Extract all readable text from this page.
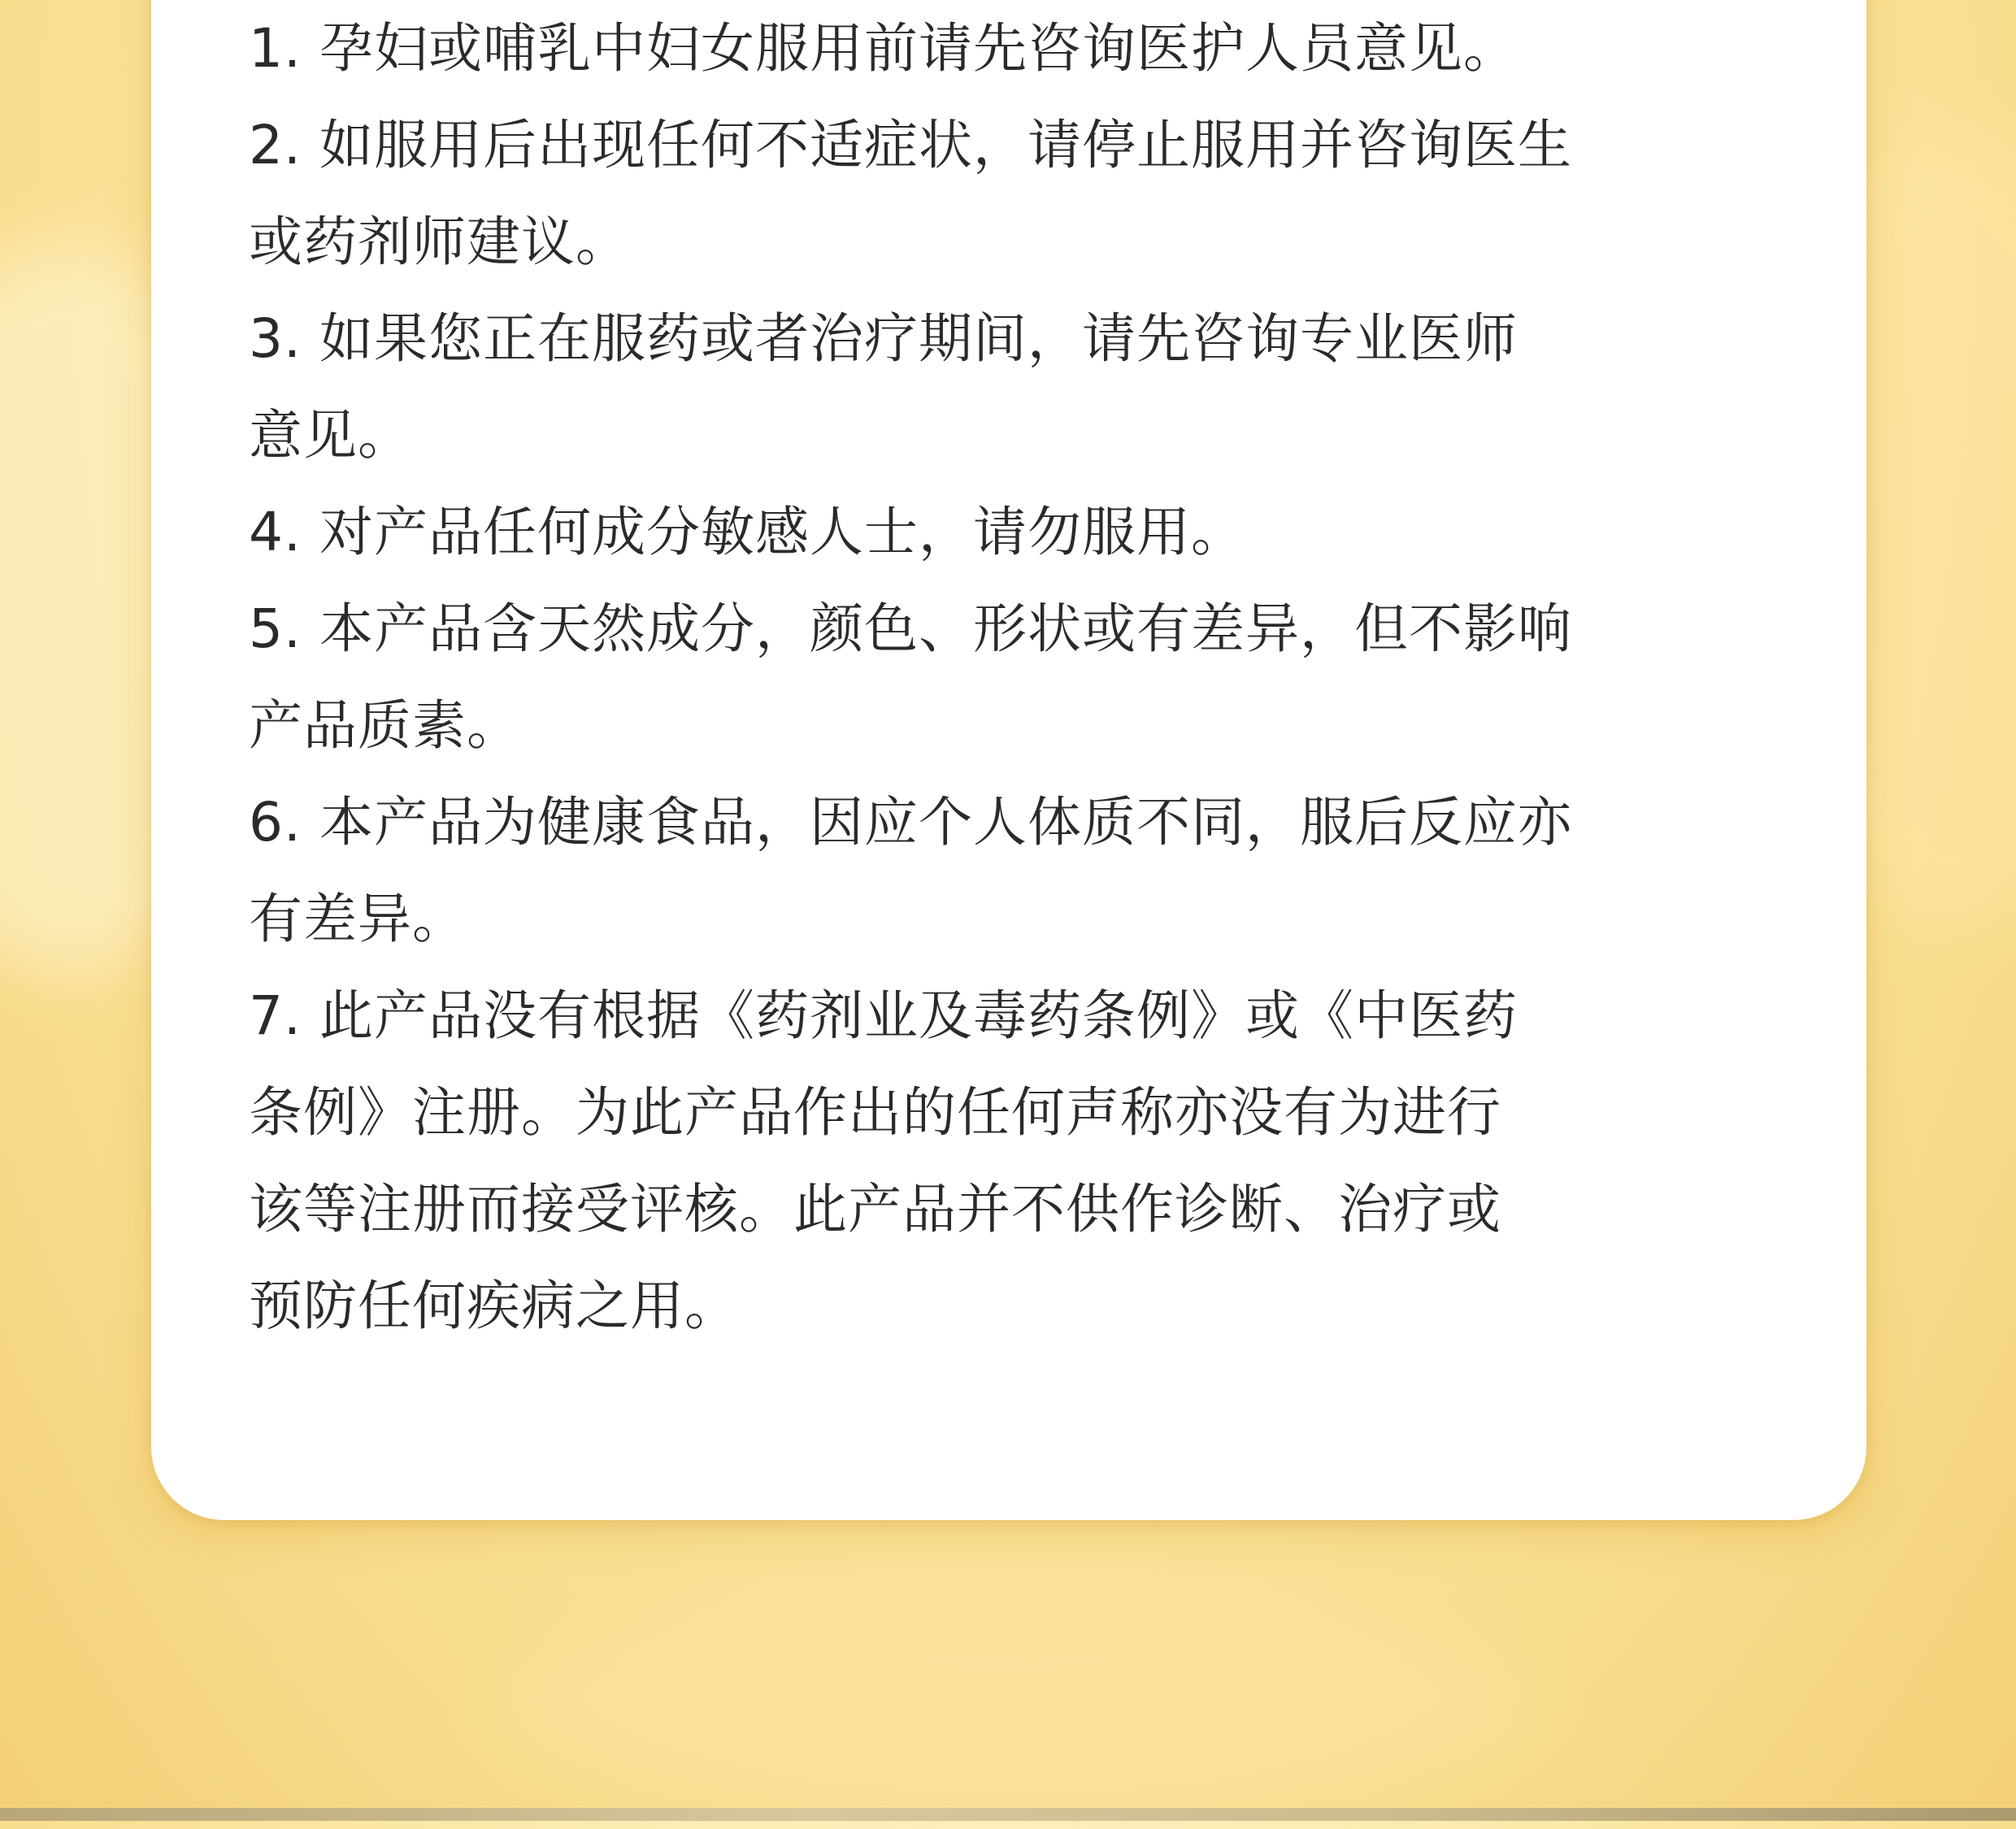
1. 孕妇或哺乳中妇女服用前请先咨询医护人员意见。
2. 如服用后出现任何不适症状，请停止服用并咨询医生
或药剂师建议。
3. 如果您正在服药或者治疗期间，请先咨询专业医师
意见。
4. 对产品任何成分敏感人士，请勿服用。
5. 本产品含天然成分，颜色、形状或有差异，但不影响
产品质素。
6. 本产品为健康食品，因应个人体质不同，服后反应亦
有差异。
7. 此产品没有根据《药剂业及毒药条例》或《中医药
条例》注册。为此产品作出的任何声称亦没有为进行
该等注册而接受评核。此产品并不供作诊断、治疗或
预防任何疾病之用。
